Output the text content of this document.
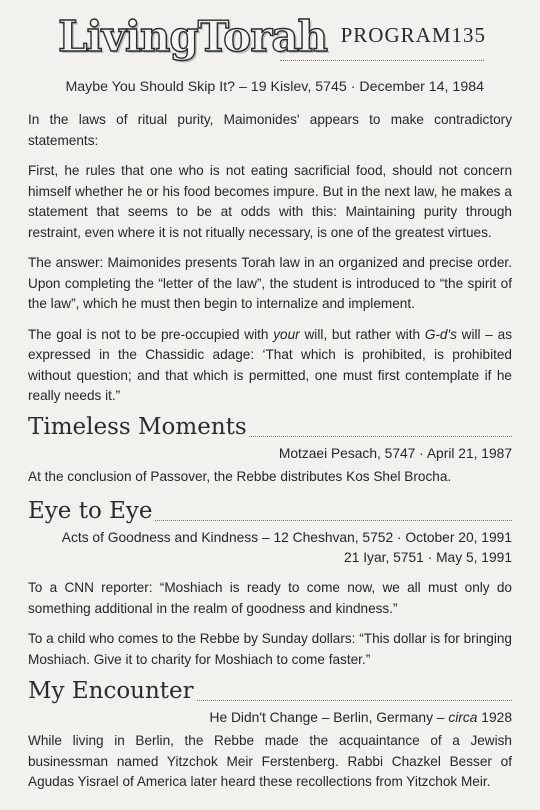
LivingTorah PROGRAM135
Maybe You Should Skip It? – 19 Kislev, 5745 · December 14, 1984

In the laws of ritual purity, Maimonides' appears to make contradictory statements:

First, he rules that one who is not eating sacrificial food, should not concern himself whether he or his food becomes impure. But in the next law, he makes a statement that seems to be at odds with this: Maintaining purity through restraint, even where it is not ritually necessary, is one of the greatest virtues.

The answer: Maimonides presents Torah law in an organized and precise order. Upon completing the “letter of the law”, the student is introduced to “the spirit of the law”, which he must then begin to internalize and implement.

The goal is not to be pre-occupied with your will, but rather with G-d's will – as expressed in the Chassidic adage: ‘That which is prohibited, is prohibited without question; and that which is permitted, one must first contemplate if he really needs it.”

Timeless Moments

Motzaei Pesach, 5747 · April 21, 1987

At the conclusion of Passover, the Rebbe distributes Kos Shel Brocha.

Eye to Eye

Acts of Goodness and Kindness – 12 Cheshvan, 5752 · October 20, 1991

21 Iyar, 5751 · May 5, 1991

To a CNN reporter: “Moshiach is ready to come now, we all must only do something additional in the realm of goodness and kindness.”

To a child who comes to the Rebbe by Sunday dollars: “This dollar is for bringing Moshiach. Give it to charity for Moshiach to come faster.”

My Encounter

He Didn't Change – Berlin, Germany – circa 1928

While living in Berlin, the Rebbe made the acquaintance of a Jewish businessman named Yitzchok Meir Ferstenberg. Rabbi Chazkel Besser of Agudas Yisrael of America later heard these recollections from Yitzchok Meir.
